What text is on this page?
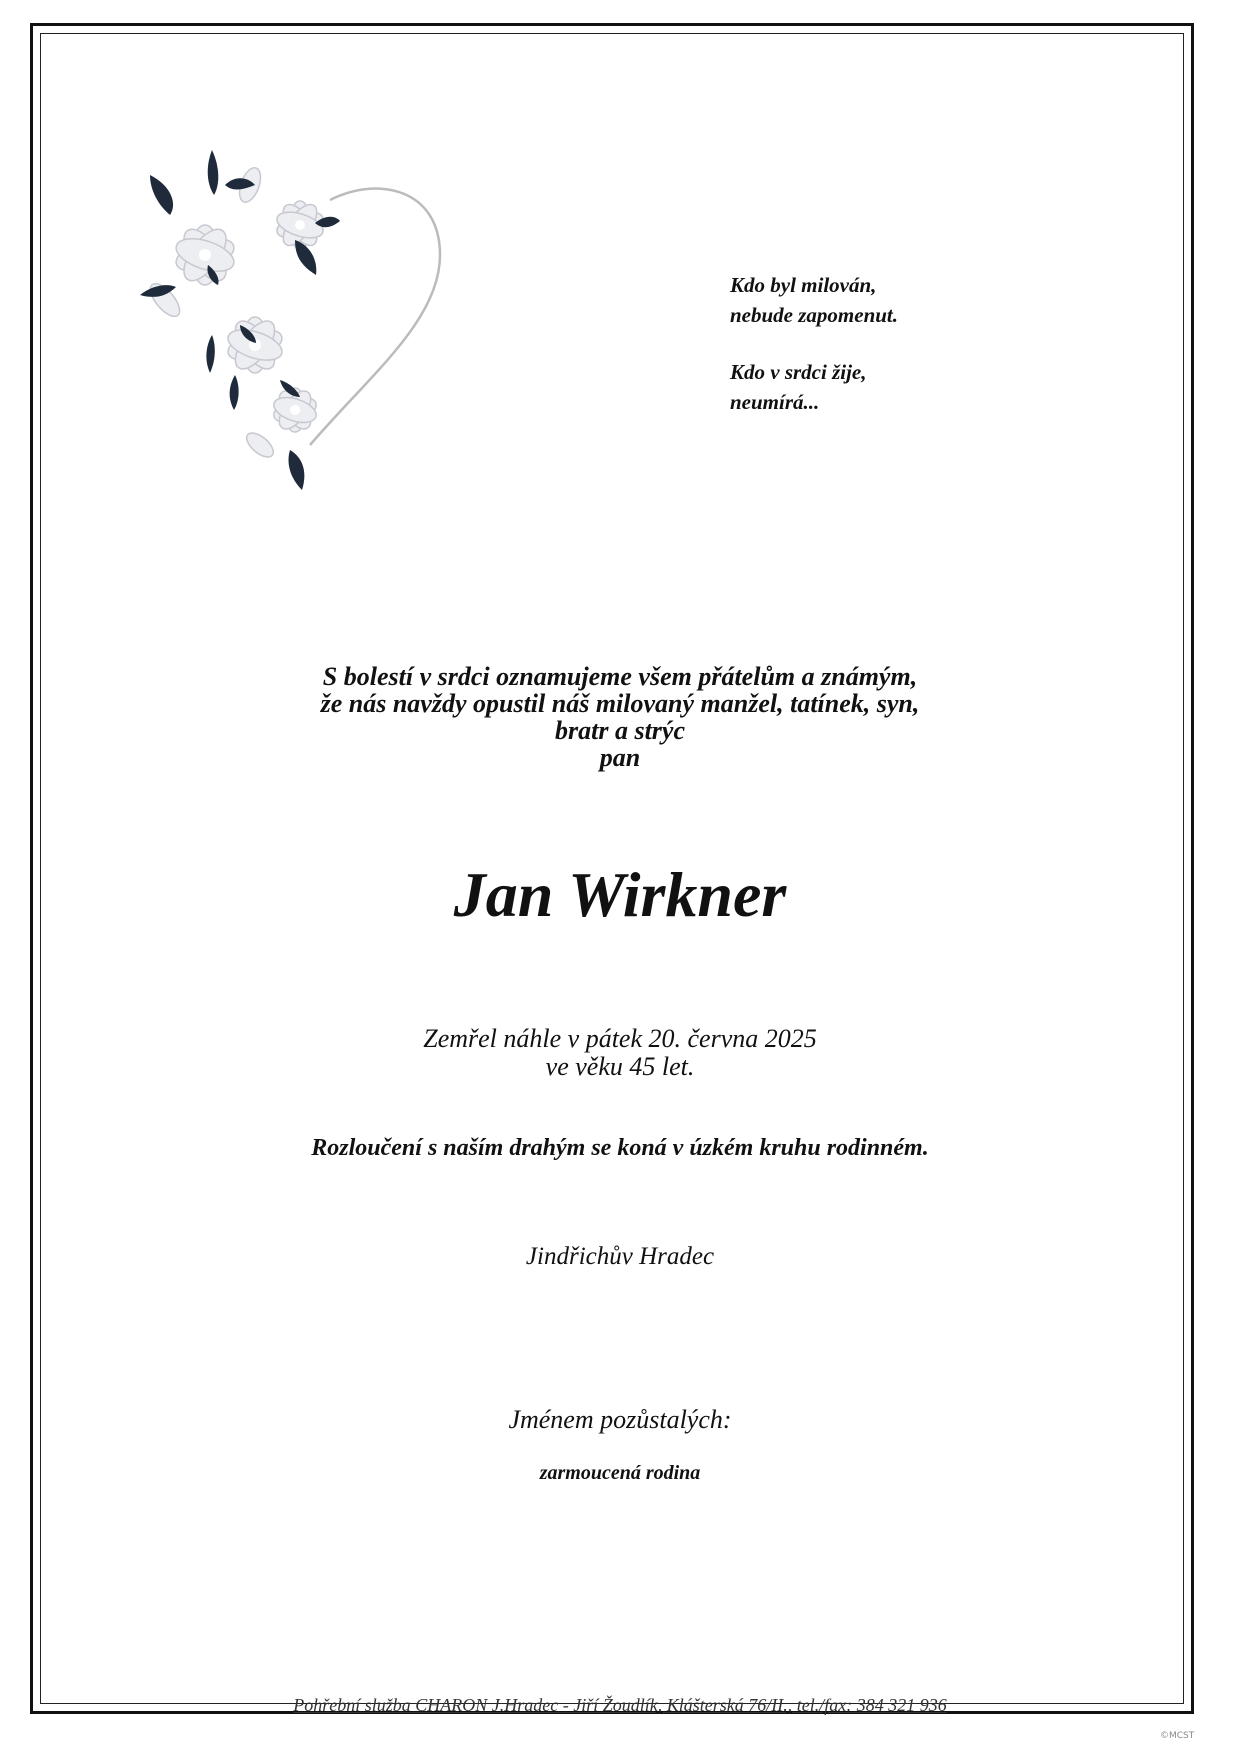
Kdo byl milován,
nebude zapomenut.
Kdo v srdci žije,
neumírá...
S bolestí v srdci oznamujeme všem přátelům a známým,
že nás navždy opustil náš milovaný manžel, tatínek, syn,
bratr a strýc
pan
Jan Wirkner
Zemřel náhle v pátek 20. června 2025
ve věku 45 let.
Rozloučení s naším drahým se koná v úzkém kruhu rodinném.
Jindřichův Hradec
Jménem pozůstalých:
zarmoucená rodina
Pohřební služba CHARON J.Hradec - Jiří Žoudlík, Klášterská 76/II., tel./fax: 384 321 936
©MCST
